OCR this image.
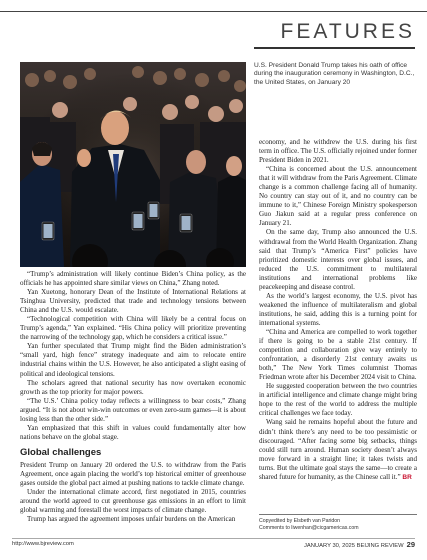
FEATURES
U.S. President Donald Trump takes his oath of office during the inauguration ceremony in Washington, D.C., the United States, on January 20

“Trump’s administration will likely continue Biden’s China policy, as the officials he has appointed share similar views on China,” Zhang noted.

Yan Xuetong, honorary Dean of the Institute of International Relations at Tsinghua University, predicted that trade and technology tensions between China and the U.S. would escalate.

“Technological competition with China will likely be a central focus on Trump’s agenda,” Yan explained. “His China policy will prioritize preventing the narrowing of the technology gap, which he considers a critical issue.”

Yan further speculated that Trump might find the Biden administration’s “small yard, high fence” strategy inadequate and aim to relocate entire industrial chains within the U.S. However, he also anticipated a slight easing of political and ideological tensions.

The scholars agreed that national security has now overtaken economic growth as the top priority for major powers.

“The U.S.’ China policy today reflects a willingness to bear costs,” Zhang argued. “It is not about win-win outcomes or even zero-sum games—it is about losing less than the other side.”

Yan emphasized that this shift in values could fundamentally alter how nations behave on the global stage.

Global challenges

President Trump on January 20 ordered the U.S. to withdraw from the Paris Agreement, once again placing the world’s top historical emitter of greenhouse gases outside the global pact aimed at pushing nations to tackle climate change.

Under the international climate accord, first negotiated in 2015, countries around the world agreed to cut greenhouse gas emissions in an effort to limit global warming and forestall the worst impacts of climate change.

Trump has argued the agreement imposes unfair burdens on the American

economy, and he withdrew the U.S. during his first term in office. The U.S. officially rejoined under former President Biden in 2021.

“China is concerned about the U.S. announcement that it will withdraw from the Paris Agreement. Climate change is a common challenge facing all of humanity. No country can stay out of it, and no country can be immune to it,” Chinese Foreign Ministry spokesperson Guo Jiakun said at a regular press conference on January 21.

On the same day, Trump also announced the U.S. withdrawal from the World Health Organization. Zhang said that Trump’s “America First” policies have prioritized domestic interests over global issues, and reduced the U.S. commitment to multilateral institutions and international problems like peacekeeping and disease control.

As the world’s largest economy, the U.S. pivot has weakened the influence of multilateralism and global institutions, he said, adding this is a turning point for international systems.

“China and America are compelled to work together if there is going to be a stable 21st century. If competition and collaboration give way entirely to confrontation, a disorderly 21st century awaits us both,” The New York Times columnist Thomas Friedman wrote after his December 2024 visit to China.

He suggested cooperation between the two countries in artificial intelligence and climate change might bring hope to the rest of the world to address the multiple critical challenges we face today.

Wang said he remains hopeful about the future and didn’t think there’s any need to be too pessimistic or discouraged. “After facing some big setbacks, things could still turn around. Human society doesn’t always move forward in a straight line; it takes twists and turns. But the ultimate goal stays the same—to create a shared future for humanity, as the Chinese call it.” BR

Copyedited by Elsbeth van Paridon
Comments to liwenhan@cicgamericas.com
http://www.bjreview.com	JANUARY 30, 2025 BEIJING REVIEW 29
